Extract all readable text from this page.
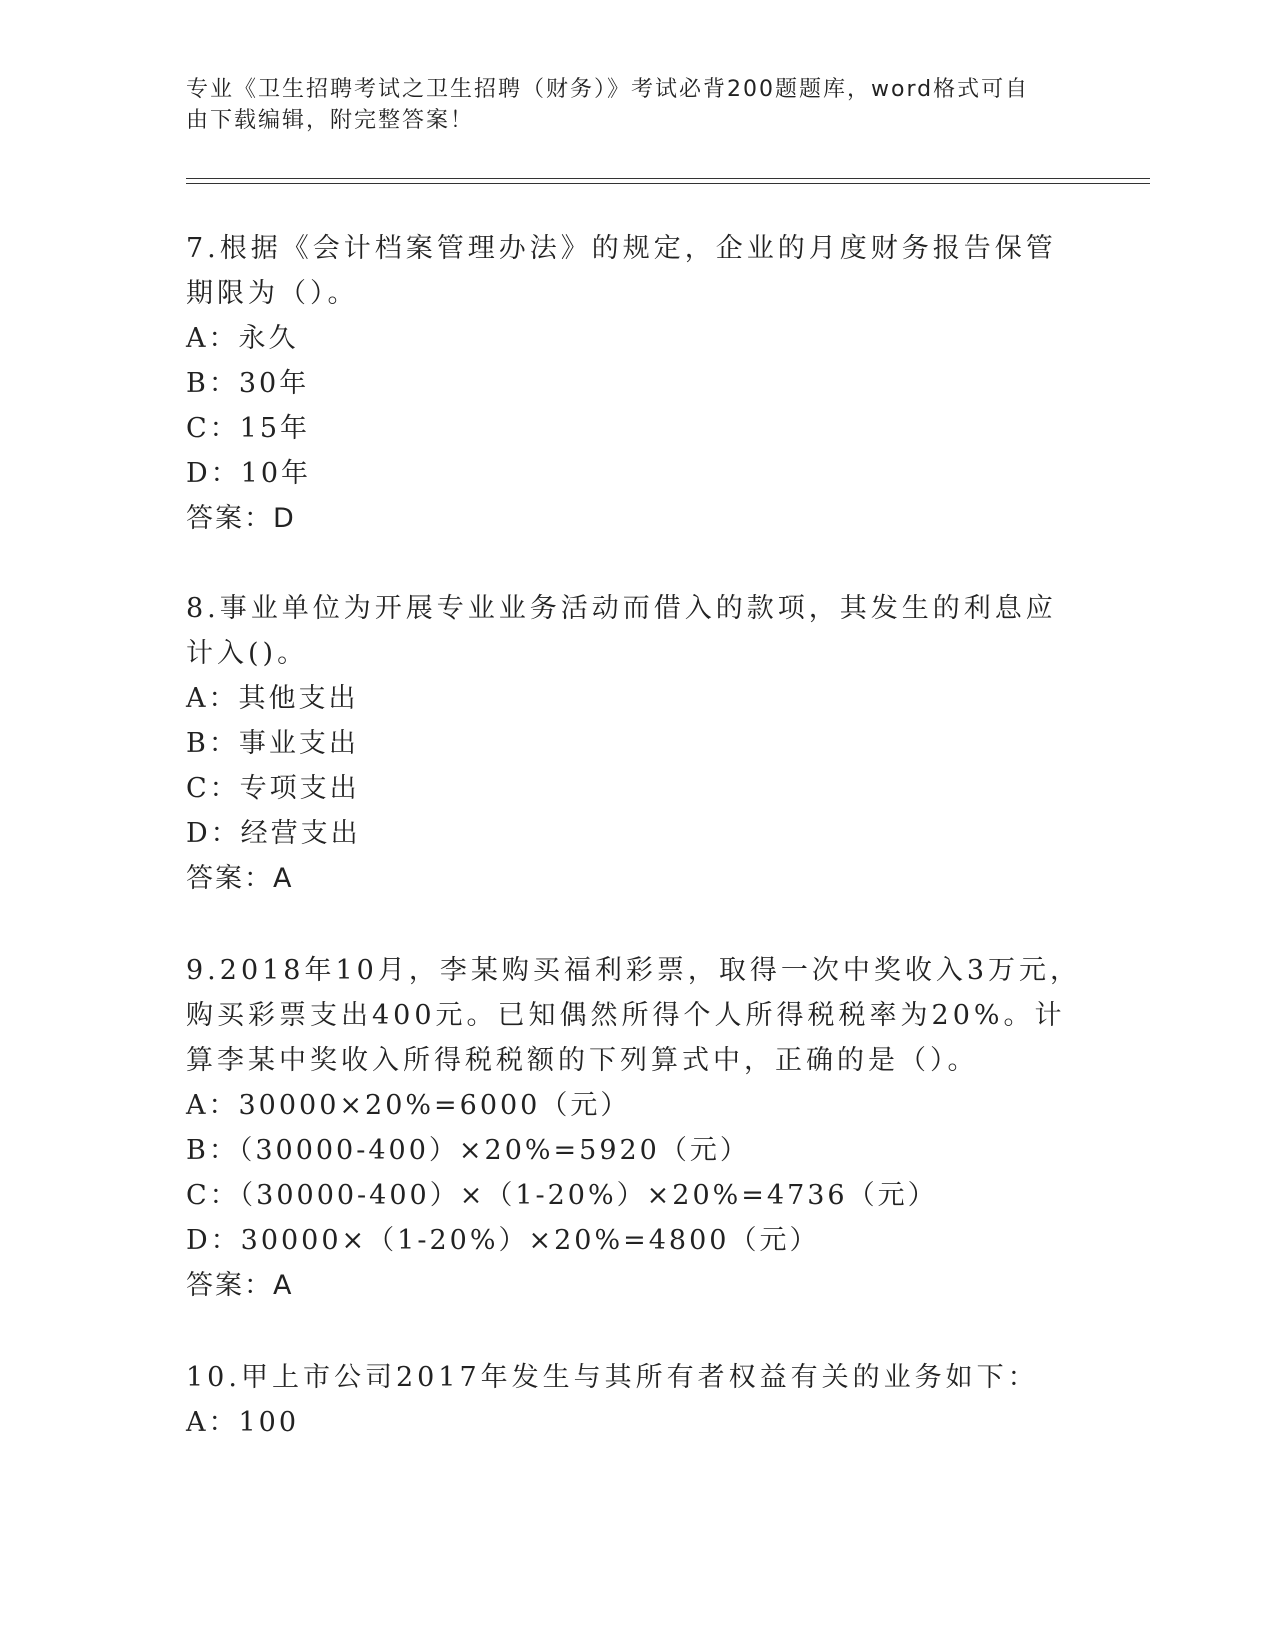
专业《卫生招聘考试之卫生招聘（财务）》考试必背200题题库，word格式可自
由下载编辑，附完整答案！

7.根据《会计档案管理办法》的规定，企业的月度财务报告保管期限为（）。

A：永久

B：30年

C：15年

D：10年

答案：D

8.事业单位为开展专业业务活动而借入的款项，其发生的利息应计入()。

A：其他支出

B：事业支出

C：专项支出

D：经营支出

答案：A

9.2018年10月，李某购买福利彩票，取得一次中奖收入3万元，购买彩票支出400元。已知偶然所得个人所得税税率为20%。计算李某中奖收入所得税税额的下列算式中，正确的是（）。

A：30000×20%=6000（元）

B：（30000-400）×20%=5920（元）

C：（30000-400）×（1-20%）×20%=4736（元）

D：30000×（1-20%）×20%=4800（元）

答案：A

10.甲上市公司2017年发生与其所有者权益有关的业务如下：

A：100
